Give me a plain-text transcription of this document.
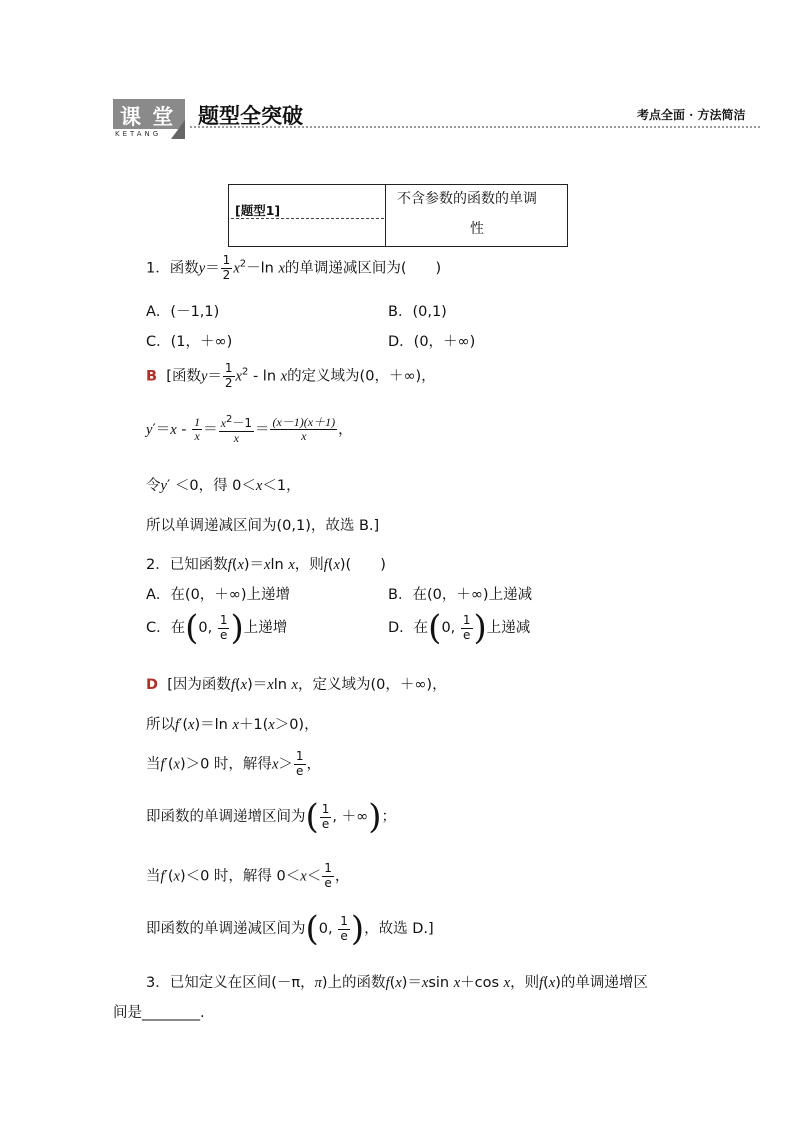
课 堂
KETANG
题型全突破	考点全面 · 方法简洁
[题型1]
不含参数的函数的单调
性
1．函数$y= \frac{1}{2} x^2-\ln$ x的单调递减区间为(　　)
A．(－1,1)	B．(0,1)
C．(1，＋∞)	D．(0，＋∞)
B [函数$y= \frac{1}{2} x^2 - \ln x$的定义域为(0，＋∞)，
$y'=x - \frac{1}{x} = \frac{x^2-1}{x} = \frac{(x-1)(x+1)}{x}$ ，
令y′ ＜0，得 0＜x＜1，
所以单调递减区间为(0,1)，故选 B.]
2．已知函数f(x)＝xln x，则f(x)(　　)
A．在(0，＋∞)上递增	B．在(0，＋∞)上递减
C．在(0, $\frac{1}{e}$ )上递增	D．在(0, $\frac{1}{e}$ )上递减
D [因为函数f(x)＝xln x，定义域为(0，＋∞)，
所以f′(x)＝ln x＋1(x＞0)，
当f′(x)＞0 时，解得$x> \frac{1}{e}$ ，
即函数的单调递增区间为( $\frac{1}{e}$ , ＋∞)；
当f′(x)＜0 时，解得 $0<x< \frac{1}{e}$ ，
即函数的单调递减区间为(0, $\frac{1}{e}$ )，故选 D.]
3．已知定义在区间(－π，π)上的函数f(x)＝xsin x＋cos x，则f(x)的单调递增区
间是________.
